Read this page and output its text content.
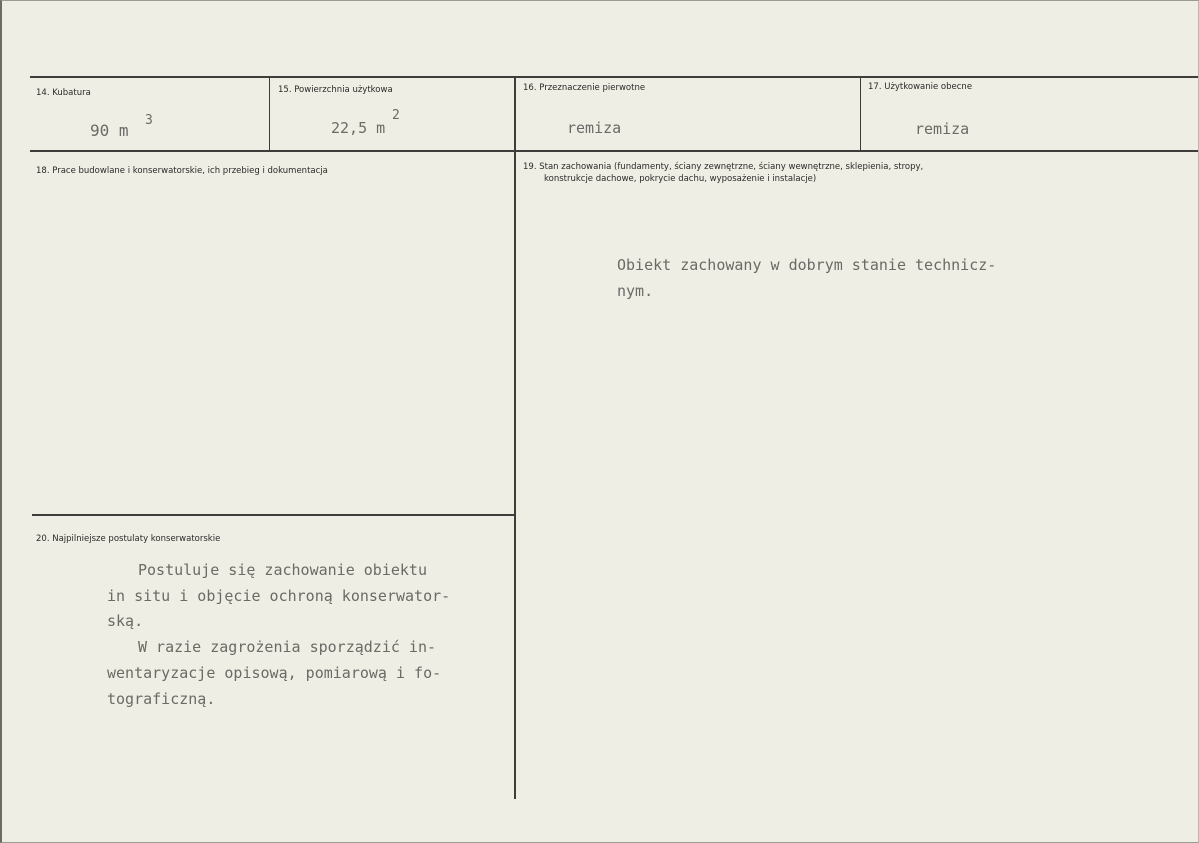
14. Kubatura
90 m
3
15. Powierzchnia użytkowa
22,5 m
2
16. Przeznaczenie pierwotne
remiza
17. Użytkowanie obecne
remiza
18. Prace budowlane i konserwatorskie, ich przebieg i dokumentacja	19. Stan zachowania (fundamenty, ściany zewnętrzne, ściany wewnętrzne, sklepienia, stropy,
konstrukcje dachowe, pokrycie dachu, wyposażenie i instalacje)
Obiekt zachowany w dobrym stanie technicz-
nym.
20. Najpilniejsze postulaty konserwatorskie
Postuluje się zachowanie obiektu
in situ i objęcie ochroną konserwator-
ską.
W razie zagrożenia sporządzić in-
wentaryzacje opisową, pomiarową i fo-
tograficzną.
